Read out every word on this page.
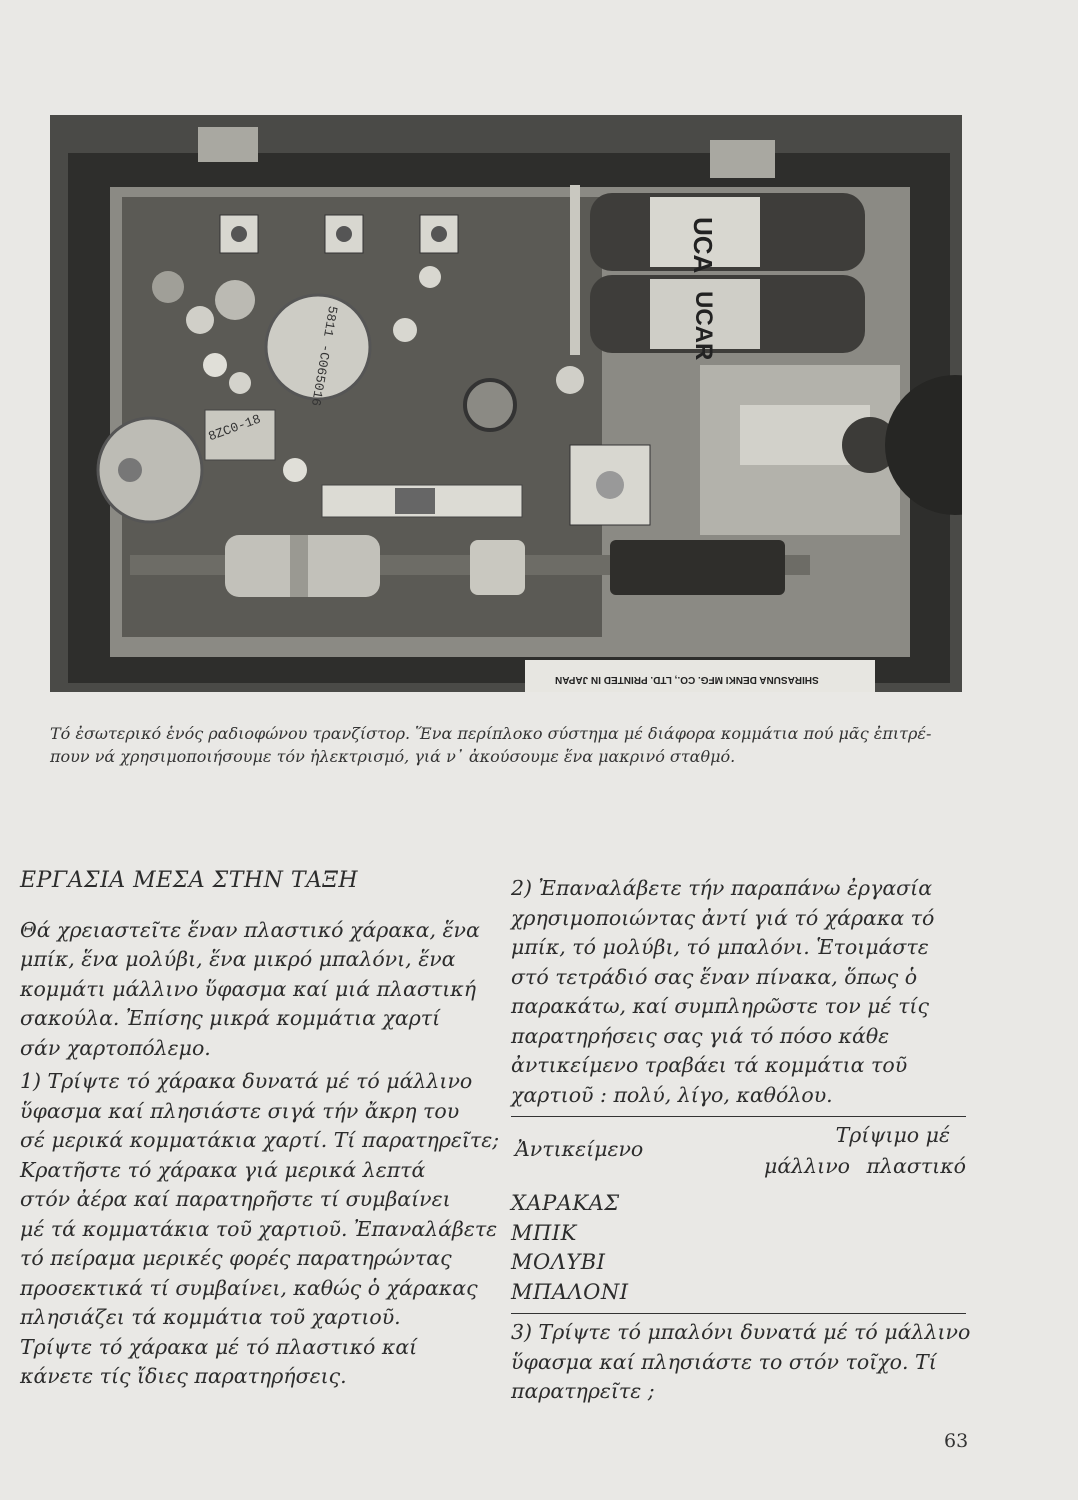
UCA
UCAR
5811 -C065016
8ZC0-18
SHIRASUNA DENKI MFG. CO., LTD. PRINTED IN JAPAN
Τό ἐσωτερικό ἑνός ραδιοφώνου τρανζίστορ. Ἕνα περίπλοκο σύστημα μέ διάφορα κομμάτια πού μᾶς ἐπιτρέ-
πουν νά χρησιμοποιήσουμε τόν ἠλεκτρισμό, γιά ν᾽ ἀκούσουμε ἕνα μακρινό σταθμό.
ΕΡΓΑΣΙΑ ΜΕΣΑ ΣΤΗΝ ΤΑΞΗ
Θά χρειαστεῖτε ἕναν πλαστικό χάρακα, ἕνα
μπίκ, ἕνα μολύβι, ἕνα μικρό μπαλόνι, ἕνα
κομμάτι μάλλινο ὕφασμα καί μιά πλαστική
σακούλα. Ἐπίσης μικρά κομμάτια χαρτί
σάν χαρτοπόλεμο.
1) Τρίψτε τό χάρακα δυνατά μέ τό μάλλινο
ὕφασμα καί πλησιάστε σιγά τήν ἄκρη του
σέ μερικά κομματάκια χαρτί. Τί παρατηρεῖτε;
Κρατῆστε τό χάρακα γιά μερικά λεπτά
στόν ἀέρα καί παρατηρῆστε τί συμβαίνει
μέ τά κομματάκια τοῦ χαρτιοῦ. Ἐπαναλάβετε
τό πείραμα μερικές φορές παρατηρώντας
προσεκτικά τί συμβαίνει, καθώς ὁ χάρακας
πλησιάζει τά κομμάτια τοῦ χαρτιοῦ.
Τρίψτε τό χάρακα μέ τό πλαστικό καί
κάνετε τίς ἴδιες παρατηρήσεις.
2) Ἐπαναλάβετε τήν παραπάνω ἐργασία
χρησιμοποιώντας ἀντί γιά τό χάρακα τό
μπίκ, τό μολύβι, τό μπαλόνι. Ἑτοιμάστε
στό τετράδιό σας ἕναν πίνακα, ὅπως ὁ
παρακάτω, καί συμπληρῶστε τον μέ τίς
παρατηρήσεις σας γιά τό πόσο κάθε
ἀντικείμενο τραβάει τά κομμάτια τοῦ
χαρτιοῦ : πολύ, λίγο, καθόλου.
Ἀντικείμενο
Τρίψιμο μέ
μάλλινο πλαστικό
ΧΑΡΑΚΑΣ
ΜΠΙΚ
ΜΟΛΥΒΙ
ΜΠΑΛΟΝΙ
3) Τρίψτε τό μπαλόνι δυνατά μέ τό μάλλινο
ὕφασμα καί πλησιάστε το στόν τοῖχο. Τί
παρατηρεῖτε ;
63
